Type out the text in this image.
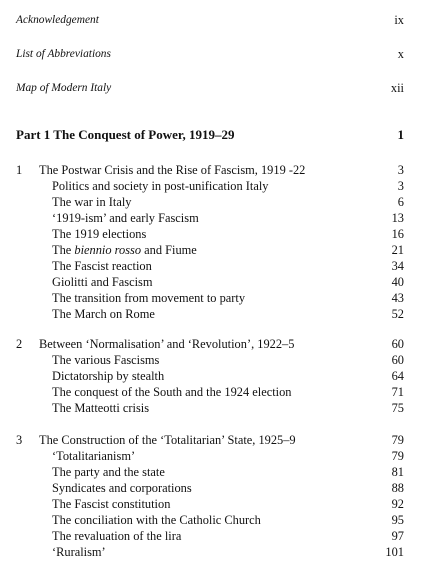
Acknowledgement	ix
List of Abbreviations	x
Map of Modern Italy	xii
Part 1 The Conquest of Power, 1919–29	1
1 The Postwar Crisis and the Rise of Fascism, 1919 -22	3
Politics and society in post-unification Italy	3
The war in Italy	6
‘1919-ism’ and early Fascism	13
The 1919 elections	16
The biennio rosso and Fiume	21
The Fascist reaction	34
Giolitti and Fascism	40
The transition from movement to party	43
The March on Rome	52
2 Between ‘Normalisation’ and ‘Revolution’, 1922–5	60
The various Fascisms	60
Dictatorship by stealth	64
The conquest of the South and the 1924 election	71
The Matteotti crisis	75
3 The Construction of the ‘Totalitarian’ State, 1925–9	79
‘Totalitarianism’	79
The party and the state	81
Syndicates and corporations	88
The Fascist constitution	92
The conciliation with the Catholic Church	95
The revaluation of the lira	97
‘Ruralism’	101
